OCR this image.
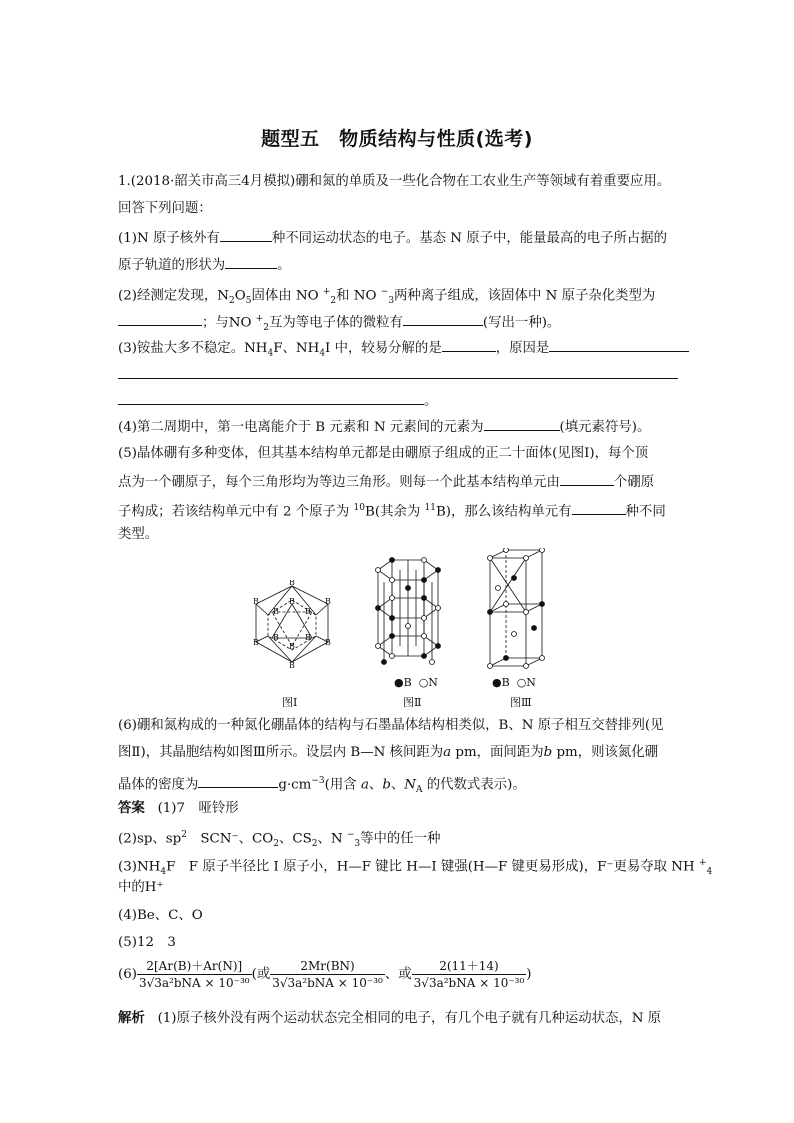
题型五　物质结构与性质(选考)
1.(2018·韶关市高三4月模拟)硼和氮的单质及一些化合物在工农业生产等领域有着重要应用。
回答下列问题：
(1)N 原子核外有	种不同运动状态的电子。基态 N 原子中，能量最高的电子所占据的
原子轨道的形状为	。
(2)经测定发现，$N_2O_5$固体由 NO +$_2$和 NO −$_3$两种离子组成，该固体中 N 原子杂化类型为
；与NO +$_2$互为等电子体的微粒有	(写出一种)。
(3)铵盐大多不稳定。$NH_4F$、$NH_4I$ 中，较易分解的是	，原因是
。
(4)第二周期中，第一电离能介于 B 元素和 N 元素间的元素为	(填元素符号)。
(5)晶体硼有多种变体，但其基本结构单元都是由硼原子组成的正二十面体(见图Ⅰ)，每个顶
点为一个硼原子，每个三角形均为等边三角形。则每一个此基本结构单元由	个硼原
子构成；若该结构单元中有 2 个原子为 $^{10}$B(其余为 $^{11}$B)，那么该结构单元有	种不同
类型。
B
B	B
B	B
B
B
B	B
B	B
B
图Ⅰ
●B ○N
图Ⅱ
●B ○N
图Ⅲ
(6)硼和氮构成的一种氮化硼晶体的结构与石墨晶体结构相类似，B、N 原子相互交替排列(见
图Ⅱ)，其晶胞结构如图Ⅲ所示。设层内 B—N 核间距为a pm，面间距为b pm，则该氮化硼
晶体的密度为	$g\cdot cm^{-3}$(用含 a、b、$N_A$ 的代数式表示)。
答案 (1)7　哑铃形
(2)sp、$sp^2$　SCN⁻、$CO_2$、$CS_2$、N −$_3$等中的任一种
$(3)NH_4F$　F 原子半径比 I 原子小，H—F 键比 H—I 键强(H—F 键更易形成)，F⁻更易夺取 NH +$_4$
中的H⁺
(4)Be、C、O
(5)12　3
$(6) \frac{2[Ar(B)+Ar(N)]}{\text{3√3a²bNA × 10⁻³⁰}}$ (或 $\frac{2Mr(BN)}{\text{3√3a²bNA × 10⁻³⁰}}$ 、或 $\frac{2(11+14)}{\text{3√3a²bNA × 10⁻³⁰}}$ )
解析 (1)原子核外没有两个运动状态完全相同的电子，有几个电子就有几种运动状态，N 原
